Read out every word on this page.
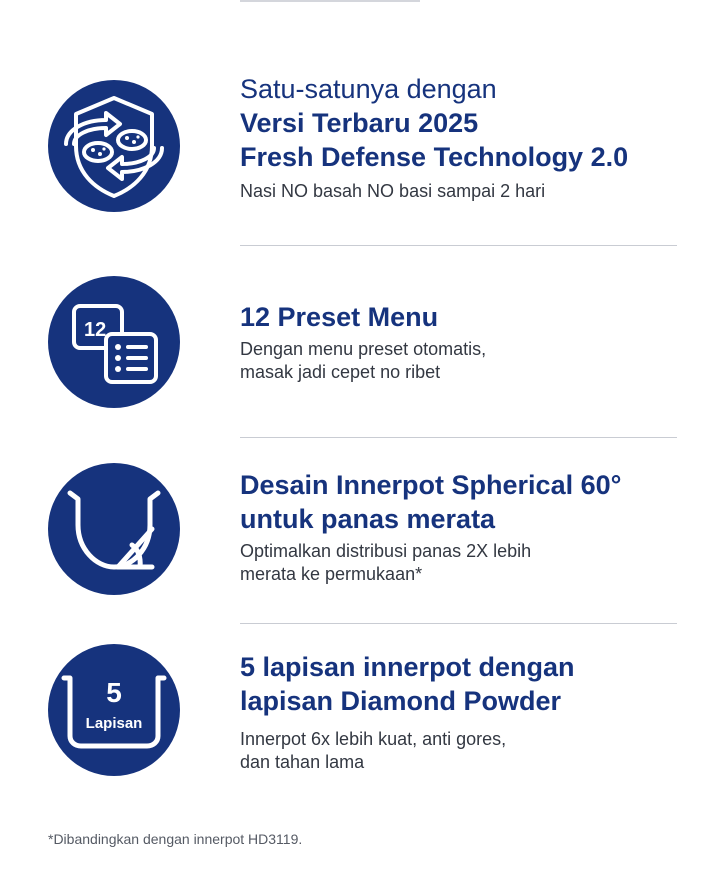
Satu-satunya dengan
Versi Terbaru 2025
Fresh Defense Technology 2.0

Nasi NO basah NO basi sampai 2 hari

12	12 Preset Menu

Dengan menu preset otomatis,
masak jadi cepet no ribet

Desain Innerpot Spherical 60°
untuk panas merata

Optimalkan distribusi panas 2X lebih
merata ke permukaan*

5
Lapisan
5 lapisan innerpot dengan
lapisan Diamond Powder

Innerpot 6x lebih kuat, anti gores,
dan tahan lama

*Dibandingkan dengan innerpot HD3119.
